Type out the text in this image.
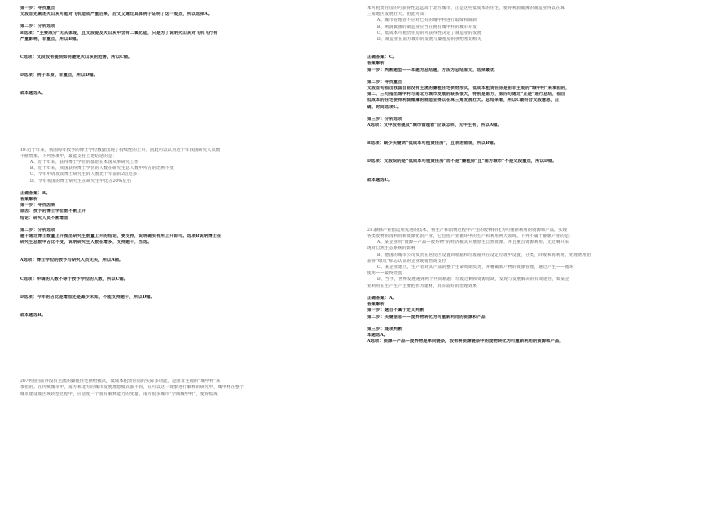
第一步：寻找重点
文段首先阐述火山灰可能对飞机造成严重后果，后文又通过具体例子证明了这一观点，所以选择A。
第二步：分析选项
B选项：“主要成分”无从体现，且文段提及火山灰中含有二氧化硅，只是为了说明火山灰对飞机飞行有
严重影响，非重点，所以B错。
C选项：文段没有提到如何避免火山灰的危害，所以C错。
D选项：例子本身，非重点，所以D错。
故本题选A。
19.近十年来，我国每年授予的博士学位数量出现了持续性的上升，因此可以认为近十年我国研究人员数
不断增加。下列各项中，最能支持上述结论的是：
A、近十年来，获得博士学位的都留在本国从事研究工作
B、近十年来，我国获得博士学位的人数在研究生总人数中所占的比例不变
C、今年申请攻读博士研究生的人数比十年前的2倍还多
D、今年我国的博士研究生在研究生中比占20%左右
正确答案：B。
答案解析
第一步：寻找因果
原因：授予的博士学位数不断上升
结论：研究人员不断增加
第二步：分析选项
题干通过博士数量上升推出研究生数量上升的结论，要支持，说明确实有所上升即可。选项B说明博士在
研究生总数中占比不变，说明研究生人数在增多，支持题干，当选。
A选项：博士学位的授予与研究人员无关，所以A错。
C选项：申请的人数不等于授予学位的人数，所以C错。
D选项：今年的占比是增加还是减少未知，不能支持题干，所以D错。
故本题选B。
20.中国目前并没有主流的廉租住宅供给模式，低成本租赁住房的实际多功能，是由非主观的“城中村”来
承担的。在传统城市中，南方和北方的城市发展理想模式都不同，在可以这一现象进行解释的研究中，城中村在整个
城市建设或区域转型过程中，应适度一个很有解释能力的变量，南方很多城市“空闲城中村”，使得低成
本可租赁住房的可获得性远远高于北方城市，正是这些低成本的住宅，使得利润微薄的制造业得以在珠
三角地区发展壮大。由此可知：
A、城市管理者不应对已有的城中村进行取缔和限制
B、利润微薄的制造业应当在拥有城中村的城市开发
C、低成本可租赁住房的可获得性决定了制造业的发展
D、制造业在南方城市的发展与廉租房的供给密切相关
正确答案：C。
答案解析
第一步：判断题型——本题为总结题，方法为总结原文，选择最优
第二步：寻找重点
文段首句指出我国目前没有主流的廉租住宅供给形式，低成本租赁住房是由非主观的“城中村”来承担的，
第二、三句指出城中村与南北方城市发展的联系很大，特别是南方，第四句通过“正是”进行总结，指出
低成本的住宅使得利润微薄的制造业得以在珠三角发展壮大。总结来看，所以C最符合文段意思，正
确，时间选项C。
第三步：分析选项
A选项：文中没有提及“城市管理者”应该怎样，无中生有，所以A错。
B选项：缺少关键词“低成本可租赁住房”，且表述错误，所以B错。
D选项：文段说的是“低成本可租赁住房”而不是“廉租房”且“南方城市”不是文段重点，所以D错。
故本题选C。
21.静脉产业指运用先进的技术，将生产和消费过程中产生的废物转化为可重新利用的资源和产品，实现
各类废物的再利用和资源化的产业，它包括产业循环中的生产和利用两大领域。下列不属于静脉产业的是：
A、某企业用“资源—产品—废弃物”的经济模式开展原生自然资源，并且重点资源利用、无过剩开采
现对自然生态系统的影响
B、德国的城市公司负责在居民区设置回收箱和垃圾箱并在设定垃圾中设置，分类，回收和再利用，处理费用由
获得“绿点”标志认证的企业或销售商支付
C、某企业建立，生产者对其产品的整个生命周期负责，并精确新产物的资源管理，通过产生——循环
使用——最终处置
D、当今，世界发展遇到两个共同难题：垃圾过剩和资源短缺，发现与发展解决的有效途径，如某企
业利用在生产生产主要把作为建材，具有较好的治理效果
正确答案：A。
答案解析
第一步：题目不属于定义判断
第二步：关键信息——废弃物转化为可重新利用的资源和产品
第三步：逐项判断
本题选A。
A选项：资源—产品—废弃物是单向链条，没有将资源链条中的废物转化为可重新利用的资源和产品，
